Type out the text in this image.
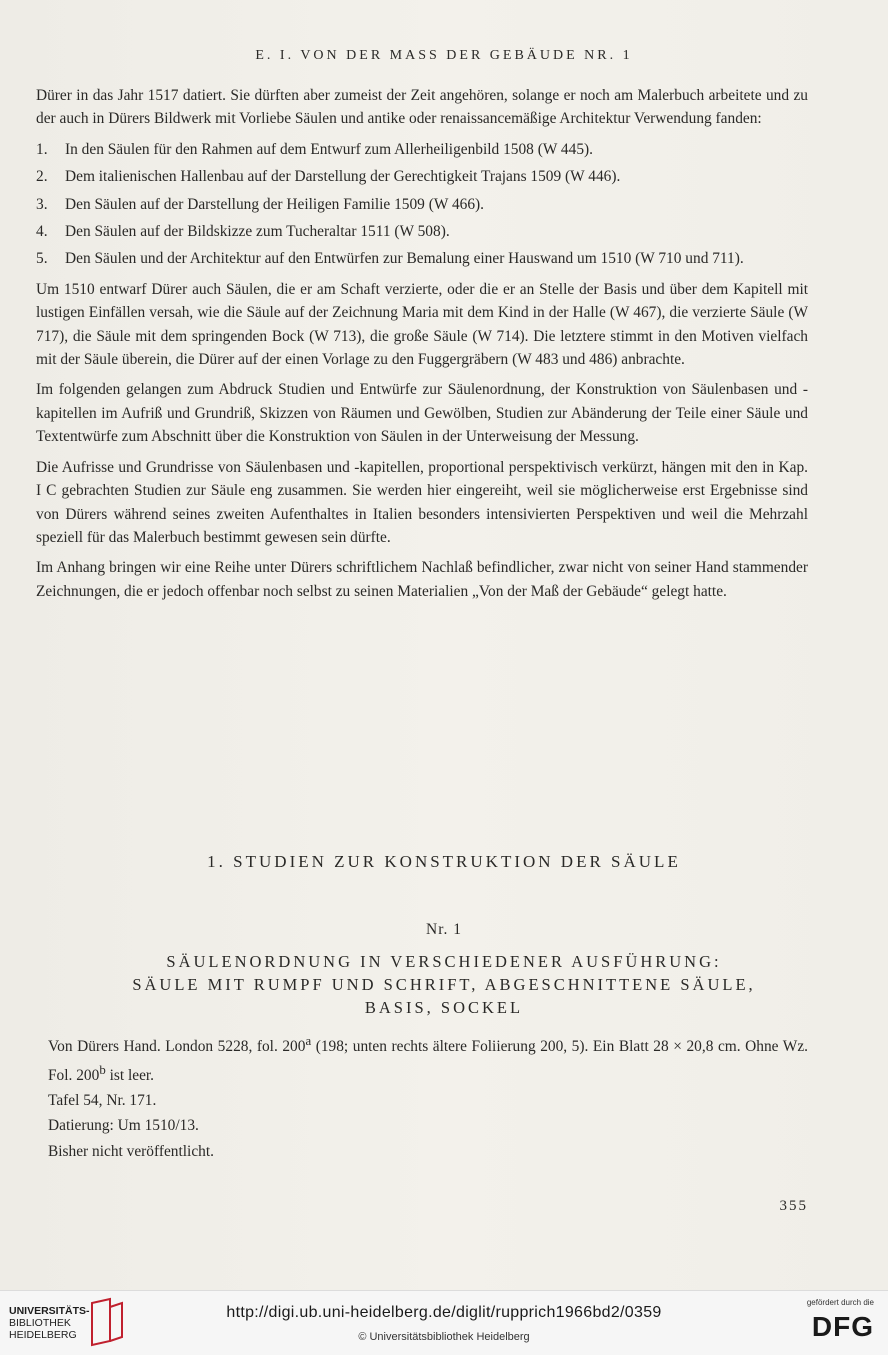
E. I. VON DER MASS DER GEBÄUDE NR. 1

Dürer in das Jahr 1517 datiert. Sie dürften aber zumeist der Zeit angehören, solange er noch am Malerbuch arbeitete und zu der auch in Dürers Bildwerk mit Vorliebe Säulen und antike oder renaissancemäßige Architektur Verwendung fanden:

1. In den Säulen für den Rahmen auf dem Entwurf zum Allerheiligenbild 1508 (W 445).
2. Dem italienischen Hallenbau auf der Darstellung der Gerechtigkeit Trajans 1509 (W 446).
3. Den Säulen auf der Darstellung der Heiligen Familie 1509 (W 466).
4. Den Säulen auf der Bildskizze zum Tucheraltar 1511 (W 508).
5. Den Säulen und der Architektur auf den Entwürfen zur Bemalung einer Hauswand um 1510 (W 710 und 711).

Um 1510 entwarf Dürer auch Säulen, die er am Schaft verzierte, oder die er an Stelle der Basis und über dem Kapitell mit lustigen Einfällen versah, wie die Säule auf der Zeichnung Maria mit dem Kind in der Halle (W 467), die verzierte Säule (W 717), die Säule mit dem springenden Bock (W 713), die große Säule (W 714). Die letztere stimmt in den Motiven vielfach mit der Säule überein, die Dürer auf der einen Vorlage zu den Fuggergräbern (W 483 und 486) anbrachte.

Im folgenden gelangen zum Abdruck Studien und Entwürfe zur Säulenordnung, der Konstruktion von Säulenbasen und -kapitellen im Aufriß und Grundriß, Skizzen von Räumen und Gewölben, Studien zur Abänderung der Teile einer Säule und Textentwürfe zum Abschnitt über die Konstruktion von Säulen in der Unterweisung der Messung.

Die Aufrisse und Grundrisse von Säulenbasen und -kapitellen, proportional perspektivisch verkürzt, hängen mit den in Kap. I C gebrachten Studien zur Säule eng zusammen. Sie werden hier eingereiht, weil sie möglicherweise erst Ergebnisse sind von Dürers während seines zweiten Aufenthaltes in Italien besonders intensivierten Perspektiven und weil die Mehrzahl speziell für das Malerbuch bestimmt gewesen sein dürfte.

Im Anhang bringen wir eine Reihe unter Dürers schriftlichem Nachlaß befindlicher, zwar nicht von seiner Hand stammender Zeichnungen, die er jedoch offenbar noch selbst zu seinen Materialien „Von der Maß der Gebäude“ gelegt hatte.

1. STUDIEN ZUR KONSTRUKTION DER SÄULE
Nr. 1
SÄULENORDNUNG IN VERSCHIEDENER AUSFÜHRUNG:
SÄULE MIT RUMPF UND SCHRIFT, ABGESCHNITTENE SÄULE,
BASIS, SOCKEL

Von Dürers Hand. London 5228, fol. 200$^a$ (198; unten rechts ältere Foliierung 200, 5). Ein Blatt 28 × 20,8 cm. Ohne Wz. Fol. 200$^b$ ist leer.

Tafel 54, Nr. 171.

Datierung: Um 1510/13.

Bisher nicht veröffentlicht.

355
UNIVERSITÄTS-
BIBLIOTHEK
HEIDELBERG
http://digi.ub.uni-heidelberg.de/diglit/rupprich1966bd2/0359
© Universitätsbibliothek Heidelberg
gefördert durch die
DFG
